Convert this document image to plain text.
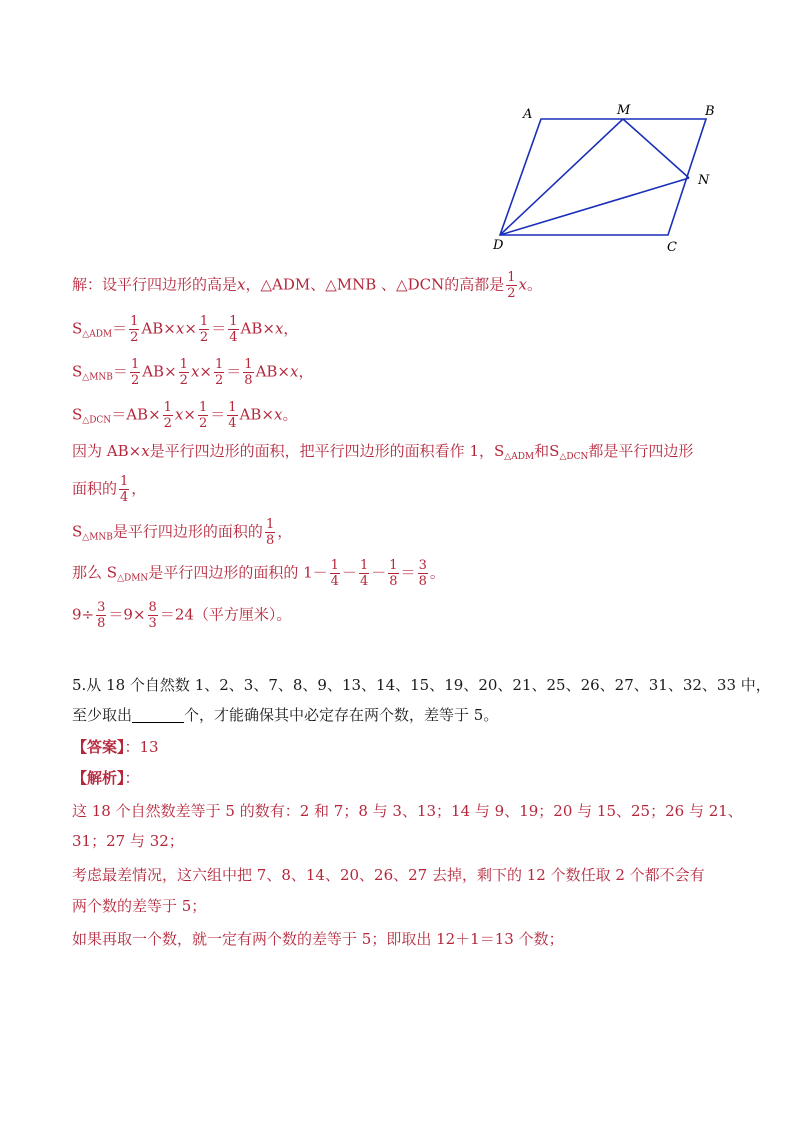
A	M	B
N
D	C
解：设平行四边形的高是x，△ADM、△MNB 、△DCN的高都是 $\frac{1}{2}$ x。
$S_{\triangle ADM}= \frac{1}{2} AB\times x\times \frac{1}{2} = \frac{1}{4} AB\times x$，
$S_{\triangle MNB}= \frac{1}{2} AB\times \frac{1}{2} x\times \frac{1}{2} = \frac{1}{8} AB\times x$，
$S_{\triangle DCN}=AB\times \frac{1}{2} x\times \frac{1}{2} = \frac{1}{4} AB\times x$。
因为 AB×x是平行四边形的面积，把平行四边形的面积看作 1，$S_{\triangle ADM}$和$S_{\triangle DCN}$都是平行四边形
面积的 $\frac{1}{4}$ ，
$S_{\triangle MNB}$是平行四边形的面积的 $\frac{1}{8}$ ，
那么 $S_{\triangle DMN}$是平行四边形的面积的 $1- \frac{1}{4} - \frac{1}{4} - \frac{1}{8} = \frac{3}{8}$ 。
$9\div \frac{3}{8} =9\times \frac{8}{3} =24$（平方厘米）。
5.从 18 个自然数 1、2、3、7、8、9、13、14、15、19、20、21、25、26、27、31、32、33 中，
至少取出	个，才能确保其中必定存在两个数，差等于 5。
【答案】：13
【解析】：
这 18 个自然数差等于 5 的数有：2 和 7；8 与 3、13；14 与 9、19；20 与 15、25；26 与 21、
31；27 与 32；
考虑最差情况，这六组中把 7、8、14、20、26、27 去掉，剩下的 12 个数任取 2 个都不会有
两个数的差等于 5；
如果再取一个数，就一定有两个数的差等于 5；即取出 12＋1＝13 个数；
